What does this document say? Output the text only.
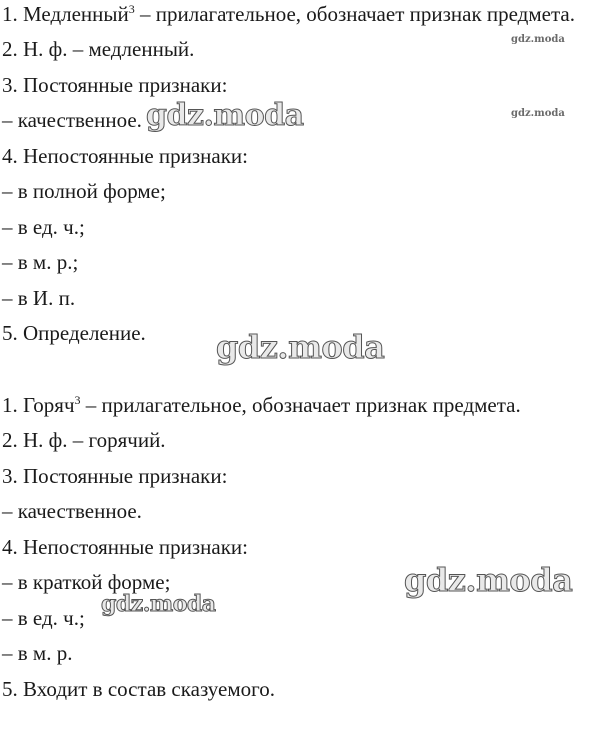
1. Медленный$^3$ – прилагательное, обозначает признак предмета.
2. Н. ф. – медленный.
3. Постоянные признаки:
– качественное.
4. Непостоянные признаки:
– в полной форме;
– в ед. ч.;
– в м. р.;
– в И. п.
5. Определение.
1. Горяч$^3$ – прилагательное, обозначает признак предмета.
2. Н. ф. – горячий.
3. Постоянные признаки:
– качественное.
4. Непостоянные признаки:
– в краткой форме;
– в ед. ч.;
– в м. р.
5. Входит в состав сказуемого.
gdz.moda
gdz.moda
gdz.moda
gdz.moda
gdz.moda
gdz.moda
